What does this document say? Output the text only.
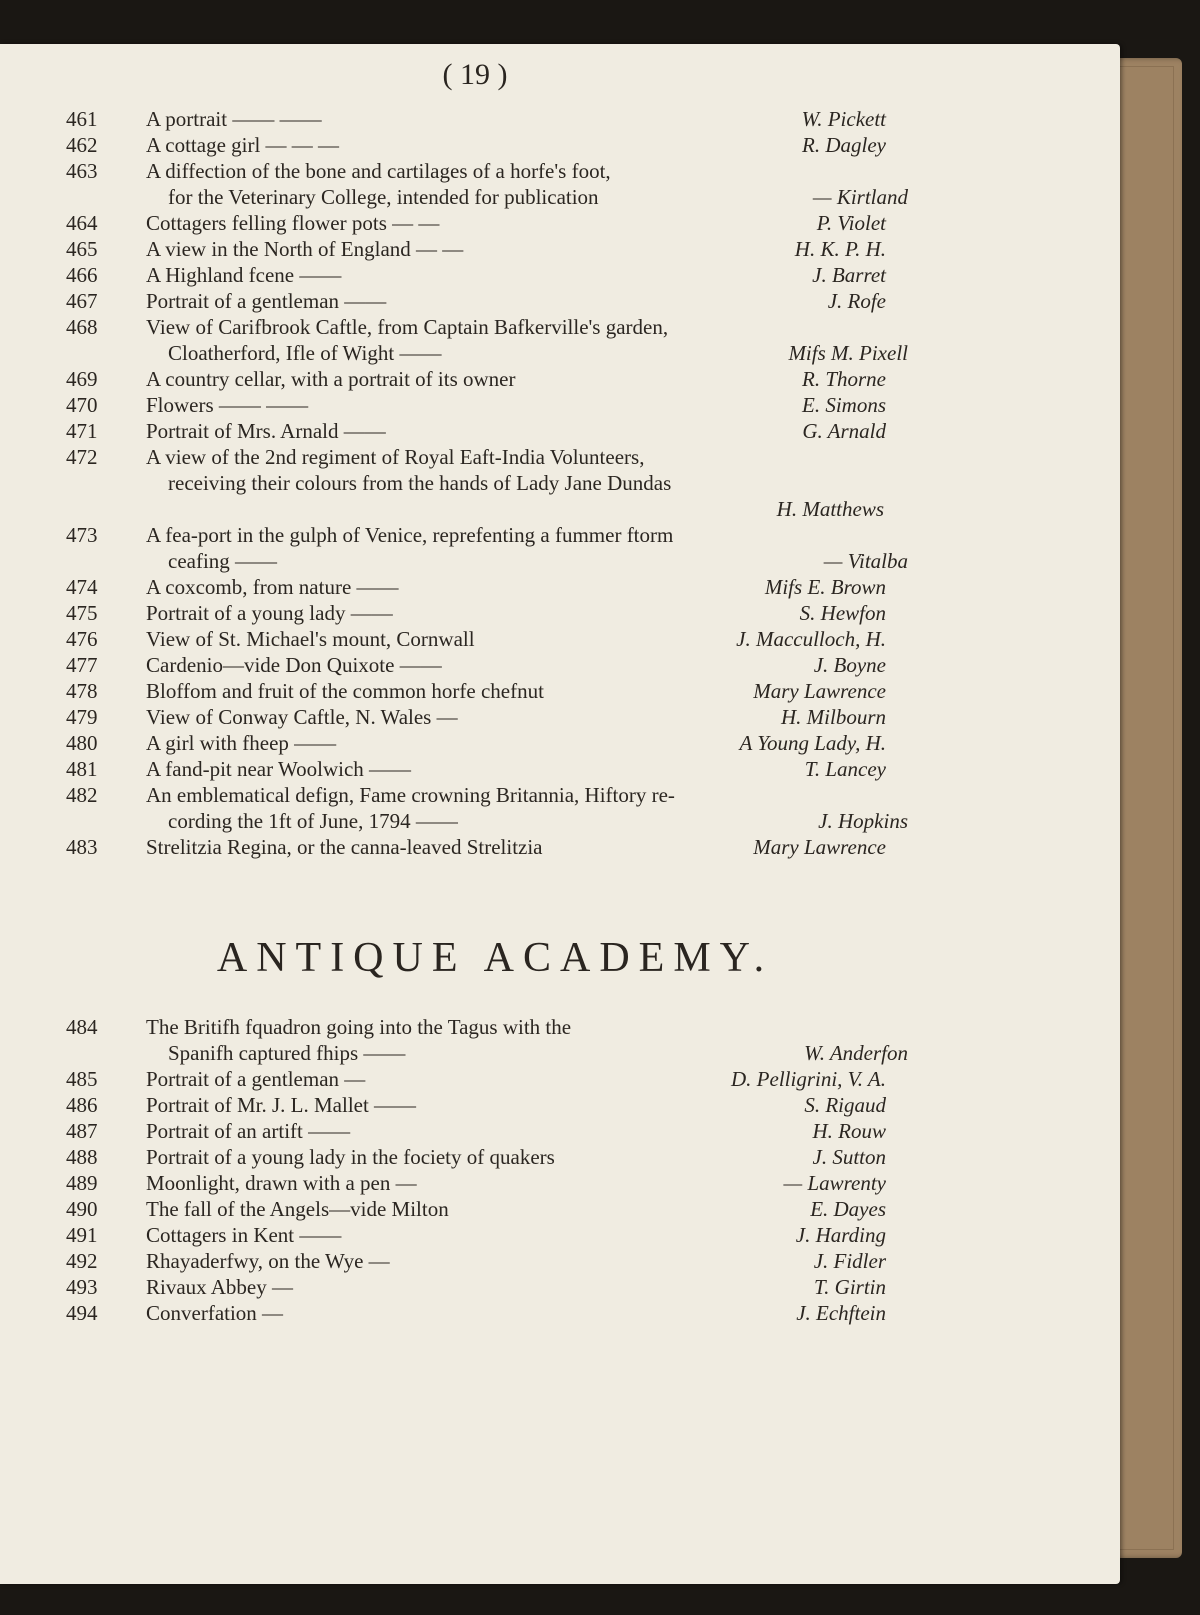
( 19 )
461	A portrait —— ——	W. Pickett
462	A cottage girl — — —	R. Dagley
463	A diffection of the bone and cartilages of a horfe's foot,
for the Veterinary College, intended for publication	— Kirtland
464	Cottagers felling flower pots — —	P. Violet
465	A view in the North of England — —	H. K. P. H.
466	A Highland fcene ——	J. Barret
467	Portrait of a gentleman ——	J. Rofe
468	View of Carifbrook Caftle, from Captain Bafkerville's garden,
Cloatherford, Ifle of Wight ——	Mifs M. Pixell
469	A country cellar, with a portrait of its owner	R. Thorne
470	Flowers —— ——	E. Simons
471	Portrait of Mrs. Arnald ——	G. Arnald
472	A view of the 2nd regiment of Royal Eaft-India Volunteers,
receiving their colours from the hands of Lady Jane Dundas
H. Matthews
473	A fea-port in the gulph of Venice, reprefenting a fummer ftorm
ceafing ——	— Vitalba
474	A coxcomb, from nature ——	Mifs E. Brown
475	Portrait of a young lady ——	S. Hewfon
476	View of St. Michael's mount, Cornwall	J. Macculloch, H.
477	Cardenio—vide Don Quixote ——	J. Boyne
478	Bloffom and fruit of the common horfe chefnut	Mary Lawrence
479	View of Conway Caftle, N. Wales —	H. Milbourn
480	A girl with fheep ——	A Young Lady, H.
481	A fand-pit near Woolwich ——	T. Lancey
482	An emblematical defign, Fame crowning Britannia, Hiftory re-
cording the 1ft of June, 1794 ——	J. Hopkins
483	Strelitzia Regina, or the canna-leaved Strelitzia	Mary Lawrence
ANTIQUE ACADEMY.
484	The Britifh fquadron going into the Tagus with the
Spanifh captured fhips ——	W. Anderfon
485	Portrait of a gentleman —	D. Pelligrini, V. A.
486	Portrait of Mr. J. L. Mallet ——	S. Rigaud
487	Portrait of an artift ——	H. Rouw
488	Portrait of a young lady in the fociety of quakers	J. Sutton
489	Moonlight, drawn with a pen —	— Lawrenty
490	The fall of the Angels—vide Milton	E. Dayes
491	Cottagers in Kent ——	J. Harding
492	Rhayaderfwy, on the Wye —	J. Fidler
493	Rivaux Abbey —	T. Girtin
494	Converfation —	J. Echftein
